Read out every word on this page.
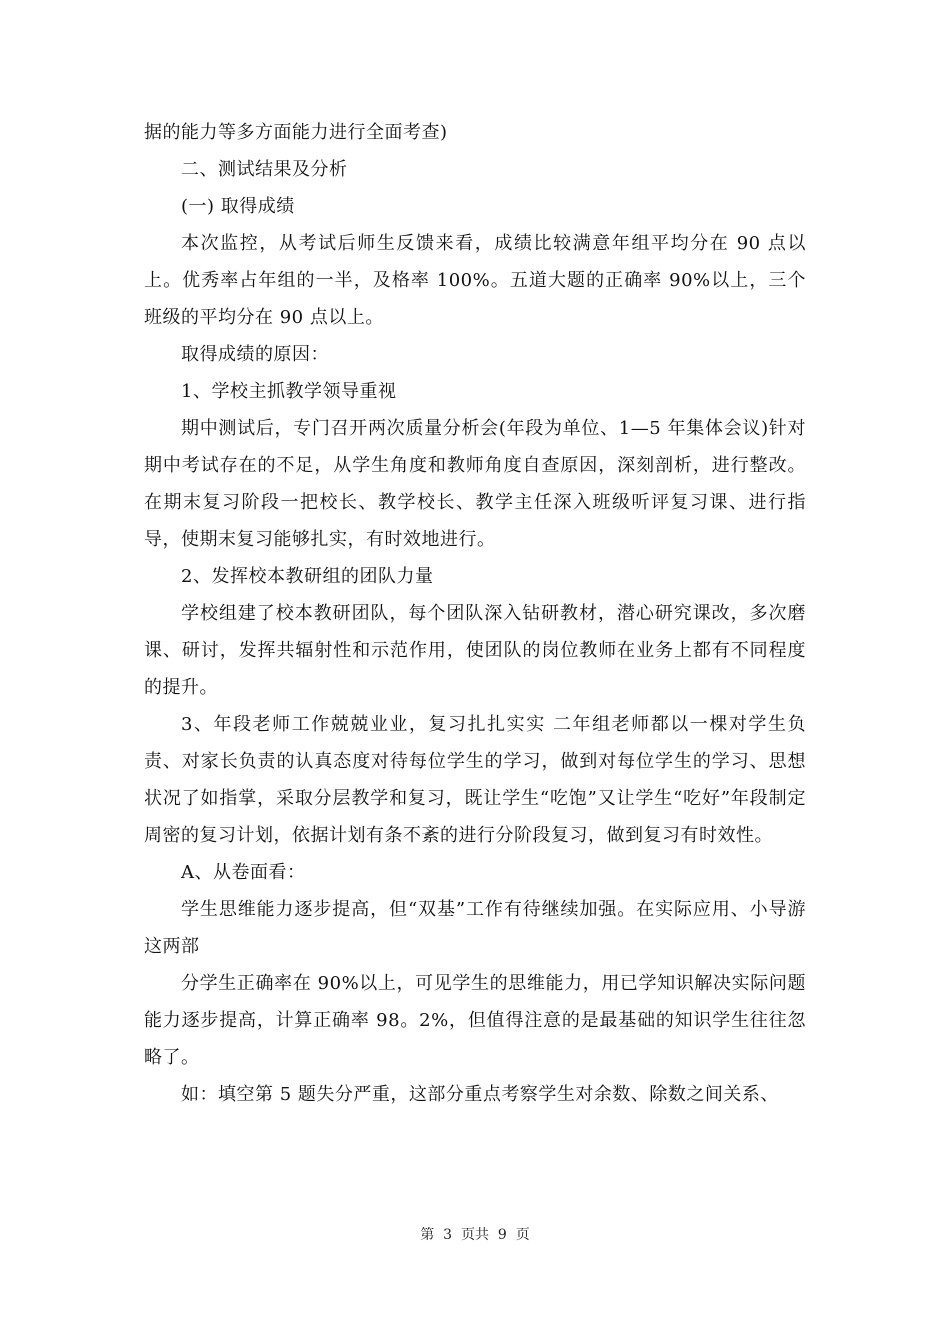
据的能力等多方面能力进行全面考查)

二、测试结果及分析

(一) 取得成绩

本次监控，从考试后师生反馈来看，成绩比较满意年组平均分在 90 点以上。优秀率占年组的一半，及格率 100%。五道大题的正确率 90%以上，三个班级的平均分在 90 点以上。

取得成绩的原因：

1、学校主抓教学领导重视

期中测试后，专门召开两次质量分析会(年段为单位、1—5 年集体会议)针对期中考试存在的不足，从学生角度和教师角度自查原因，深刻剖析，进行整改。在期末复习阶段一把校长、教学校长、教学主任深入班级听评复习课、进行指导，使期末复习能够扎实，有时效地进行。

2、发挥校本教研组的团队力量

学校组建了校本教研团队，每个团队深入钻研教材，潜心研究课改，多次磨课、研讨，发挥共辐射性和示范作用，使团队的岗位教师在业务上都有不同程度的提升。

3、年段老师工作兢兢业业，复习扎扎实实 二年组老师都以一棵对学生负责、对家长负责的认真态度对待每位学生的学习，做到对每位学生的学习、思想状况了如指掌，采取分层教学和复习，既让学生“吃饱”又让学生“吃好”年段制定周密的复习计划，依据计划有条不紊的进行分阶段复习，做到复习有时效性。

A、从卷面看：

学生思维能力逐步提高，但“双基”工作有待继续加强。在实际应用、小导游这两部

分学生正确率在 90%以上，可见学生的思维能力，用已学知识解决实际问题能力逐步提高，计算正确率 98。2%，但值得注意的是最基础的知识学生往往忽略了。

如：填空第 5 题失分严重，这部分重点考察学生对余数、除数之间关系、

第  3  页共  9  页
